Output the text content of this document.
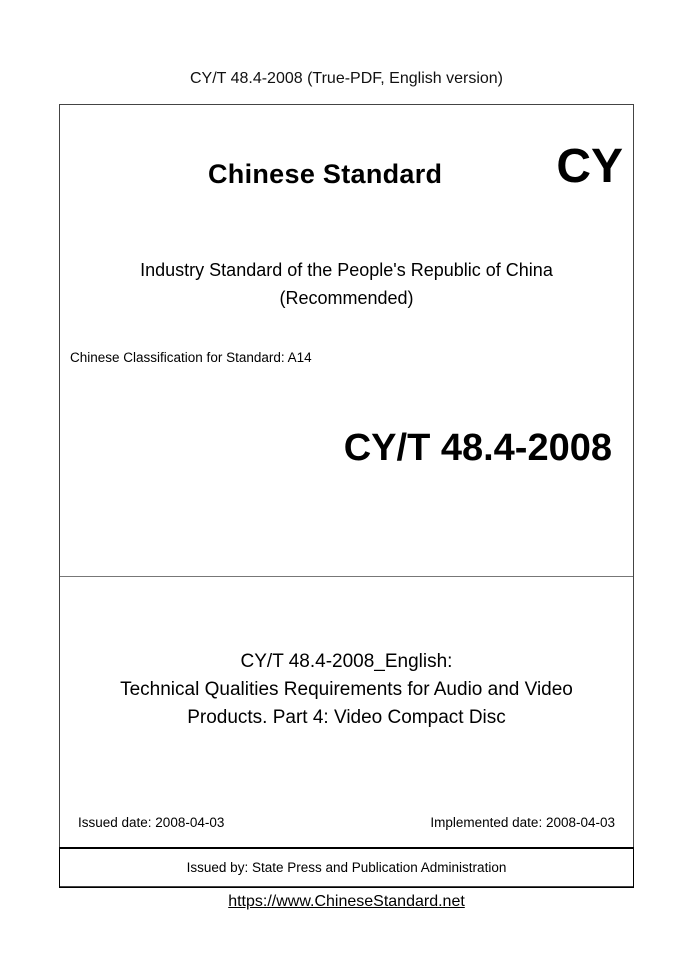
CY/T 48.4-2008 (True-PDF, English version)
Chinese Standard CY
Industry Standard of the People's Republic of China
(Recommended)
Chinese Classification for Standard: A14
CY/T 48.4-2008
CY/T 48.4-2008_English:
Technical Qualities Requirements for Audio and Video
Products. Part 4: Video Compact Disc
Issued date: 2008-04-03	Implemented date: 2008-04-03
Issued by: State Press and Publication Administration
https://www.ChineseStandard.net
